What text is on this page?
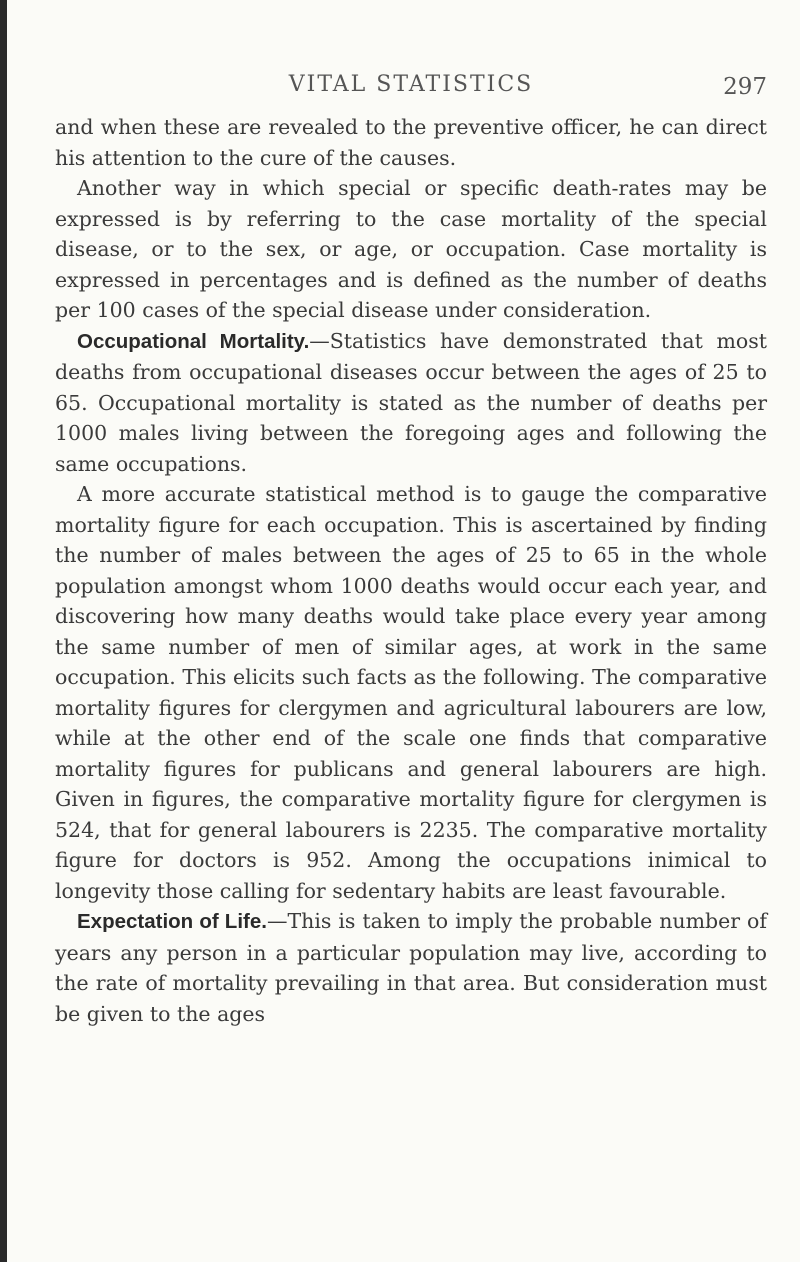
VITAL STATISTICS	297

and when these are revealed to the preventive officer, he can direct his attention to the cure of the causes.

Another way in which special or specific death-rates may be expressed is by referring to the case mortality of the special disease, or to the sex, or age, or occupation. Case mortality is expressed in percentages and is defined as the number of deaths per 100 cases of the special disease under consideration.

Occupational Mortality.—Statistics have demonstrated that most deaths from occupational diseases occur between the ages of 25 to 65. Occupational mortality is stated as the number of deaths per 1000 males living between the foregoing ages and following the same occupations.

A more accurate statistical method is to gauge the comparative mortality figure for each occupation. This is ascertained by finding the number of males between the ages of 25 to 65 in the whole population amongst whom 1000 deaths would occur each year, and discovering how many deaths would take place every year among the same number of men of similar ages, at work in the same occupation. This elicits such facts as the following. The comparative mortality figures for clergymen and agricultural labourers are low, while at the other end of the scale one finds that comparative mortality figures for publicans and general labourers are high. Given in figures, the comparative mortality figure for clergymen is 524, that for general labourers is 2235. The comparative mortality figure for doctors is 952. Among the occupations inimical to longevity those calling for sedentary habits are least favourable.

Expectation of Life.—This is taken to imply the probable number of years any person in a particular population may live, according to the rate of mortality prevailing in that area. But consideration must be given to the ages
